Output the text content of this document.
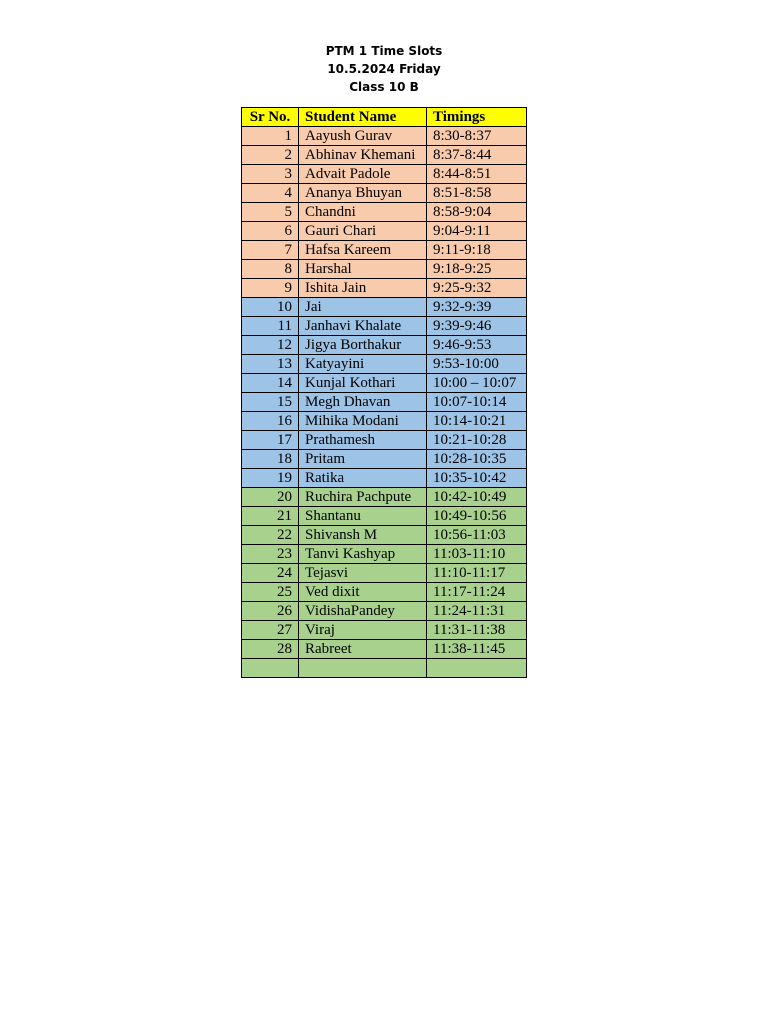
PTM 1 Time Slots
10.5.2024 Friday
Class 10 B
Sr No.	Student Name	Timings
1	Aayush Gurav	8:30-8:37
2	Abhinav Khemani	8:37-8:44
3	Advait Padole	8:44-8:51
4	Ananya Bhuyan	8:51-8:58
5	Chandni	8:58-9:04
6	Gauri Chari	9:04-9:11
7	Hafsa Kareem	9:11-9:18
8	Harshal	9:18-9:25
9	Ishita Jain	9:25-9:32
10	Jai	9:32-9:39
11	Janhavi Khalate	9:39-9:46
12	Jigya Borthakur	9:46-9:53
13	Katyayini	9:53-10:00
14	Kunjal Kothari	10:00 – 10:07
15	Megh Dhavan	10:07-10:14
16	Mihika Modani	10:14-10:21
17	Prathamesh	10:21-10:28
18	Pritam	10:28-10:35
19	Ratika	10:35-10:42
20	Ruchira Pachpute	10:42-10:49
21	Shantanu	10:49-10:56
22	Shivansh M	10:56-11:03
23	Tanvi Kashyap	11:03-11:10
24	Tejasvi	11:10-11:17
25	Ved dixit	11:17-11:24
26	VidishaPandey	11:24-11:31
27	Viraj	11:31-11:38
28	Rabreet	11:38-11:45
